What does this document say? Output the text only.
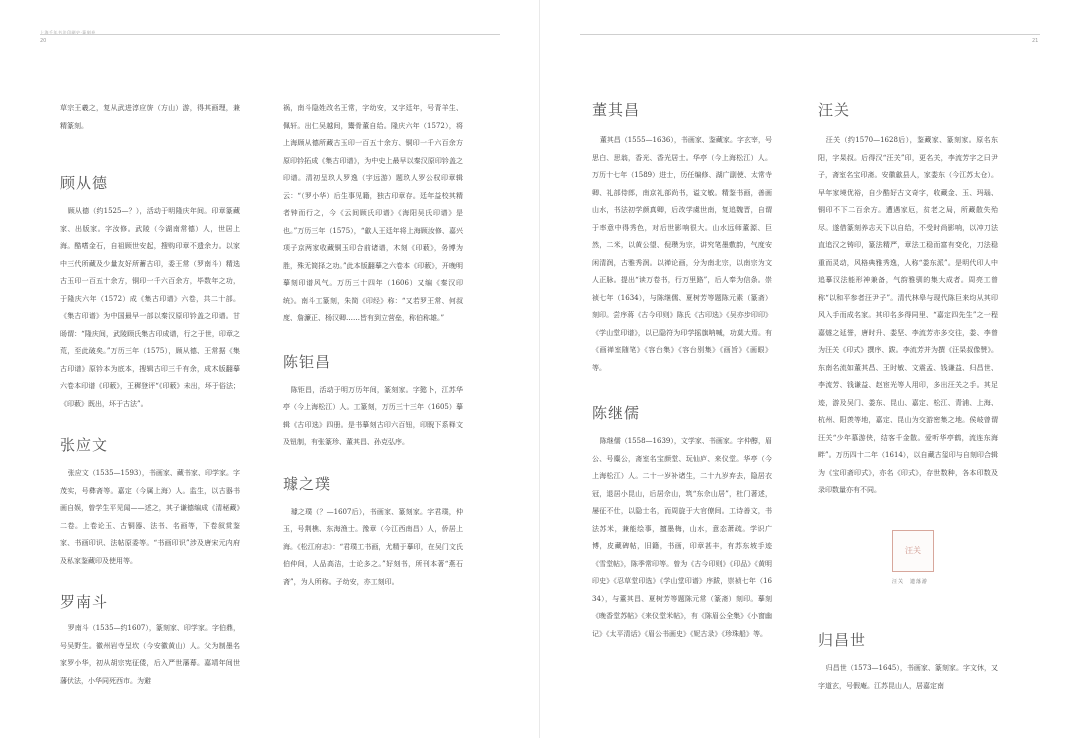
上海千年书法印刷史·篆刻卷
20

草宗王羲之，复从武进淳应旂（方山）游，得其画理，兼精篆刻。

顾从德

顾从德（约1525—？），活动于明隆庆年间。印章篆藏家、出版家。字汝修。武陵（今湖南常德）人，世居上海。酷嗜金石，自祖顾世安起，搜购印章不遗余力。以家中三代所藏及少量友好所蓄古印，委王常（罗南斗）精选古玉印一百五十余方，铜印一千六百余方，毕数年之功，于隆庆六年（1572）成《集古印谱》六卷，共二十部。《集古印谱》为中国最早一部以秦汉原印钤盖之印谱。甘旸谓：“隆庆间，武陵顾氏集古印成谱，行之于世，印章之荒，至此破矣。”万历三年（1575），顾从德、王常据《集古印谱》原钤本为底本，搜辑古印三千有余，成木版翻摹六卷本印谱《印薮》，王穉登评“《印薮》未出，坏于俗法；《印薮》既出，坏于古法”。

张应文

张应文（1535—1593），书画家、藏书家、印学家。字茂实，号彝斋等。嘉定（今属上海）人。监生，以古器书画自娱，曾学生平见闻——述之，其子谦德编成《清秘藏》二卷。上卷论玉、古铜器、法书、名画等，下卷叙赏鉴家、书画印识、法帖原委等。“书画印识”涉及唐宋元内府及私家鉴藏印及使用等。

罗南斗

罗南斗（1535—约1607），篆刻家、印学家。字伯鼎，号吴野生。徽州岩寺呈坎（今安徽黄山）人。父为制墨名家罗小华，初从胡宗宪征倭，后入严世藩幕。嘉靖年间世藩伏法，小华同死西市。为避

祸，南斗隐姓改名王常，字幼安，又字廷年，号青羊生、佩轩。出仁吴越间，鬻骨董自给。隆庆六年（1572），将上海顾从德所藏古玉印一百五十余方、铜印一千六百余方原印钤拓成《集古印谱》，为中史上最早以秦汉原印钤盖之印谱。清初呈玖人罗逸（宇远游）题玖人罗公权印章辑云：“（罗小华）后生事见籍，独古印章存。廷年益校其精者钟而行之，今《云间顾氏印谱》《海阳吴氏印谱》是也。”万历三年（1575），“歙人王廷年将上海顾汝修、嘉兴项子京两家收藏铜玉印合前诸谱，木刻《印薮》，务博为胜，殊无简择之功。”此本版翻摹之六卷本《印薮》，开晚明摹刻印谱风气。万历三十四年（1606）又编《秦汉印统》。南斗工篆刻，朱简《印经》称：“又若罗王常、何叔度、詹濂正、杨汉卿……皆有到立营垒，称伯称雄。”

陈钜昌

陈钜昌，活动于明万历年间，篆刻家。字懿卜，江苏华亭（今上海松江）人。工篆刻，万历三十三年（1605）摹辑《古印选》四册。是书摹刻古印六百钮，印睨下系释文及钮制，有张篆珍、董其昌、孙克弘序。

璩之璞

璩之璞（？—1607后），书画家、篆刻家。字君璞，仲玉，号荆樵、东海渔士。豫章（今江西南昌）人，侨居上海。《松江府志》：“君璞工书画，尤精于摹印，在吴门文氏伯仲间，人品高洁，士论多之。”好刻书，所刊本著“燕石斋”，为人所称。子幼安，亦工刻印。

21
董其昌

董其昌（1555—1636），书画家、鉴藏家。字玄宰，号思白、思翁，香光、香光居士。华亭（今上海松江）人。万历十七年（1589）进士，历任编修、湖广副使、太常寺卿、礼部侍郎，南京礼部尚书，谥文敏。精鉴书画，善画山水，书法初学颜真卿，后改学虞世南，复追魏晋，自谓于率意中得秀色，对后世影响很大。山水远师董源、巨然，二米，以黄公望、倪瓒为宗，讲究笔墨敷韵，气度安闲清润，古雅秀润。以禅论画，分为南北宗，以南宗为文人正脉。提出“读万卷书，行万里路”，后人奉为信条。崇祯七年（1634），与陈继儒、夏树芳等题陈元素（篆斋）刻印。尝序蒋《古今印则》陈氏《古印选》《吴亦步印印》《学山堂印谱》，以已隐符为印学摇旗呐喊，功莫大焉。有《画禅室随笔》《容台集》《容台别集》《画旨》《画眼》等。

陈继儒

陈继儒（1558—1639），文学家、书画家。字仲醇，眉公、号麋公，斋室名宝颜堂、玩仙庐、来仪堂。华亭（今上海松江）人。二十一岁补诸生，二十九岁弃去，隐居衣冠，退居小昆山，后居佘山，筑“东佘山居”，杜门著述，屡征不仕，以隐士名，而周旋于大官僚间。工诗善文，书法苏米，兼能绘事，擅墨梅，山水，意态萧疏。学识广博，皮藏碑帖，旧籍，书画，印章甚丰，有苏东坡手迹《雪堂帖》，陈季常印等。曾为《古今印则》《印品》《黄明印史》《忍草堂印选》《学山堂印谱》序跋，崇祯七年（1634），与董其昌、夏树芳等题陈元常（篆斋）刻印。摹刻《晚香堂苏帖》《来仪堂米帖》，有《陈眉公全集》《小窗幽记》《太平清话》《眉公书画史》《妮古录》《珍珠船》等。

汪关

汪关（约1570—1628后），鉴藏家、篆刻家。原名东阳，字杲叔。后得汉“汪关”印，更名关，李流芳字之曰尹子，斋室名宝印斋。安徽歙县人，家娄东（今江苏太仓）。早年家境优裕，自少酷好古文奇字，收藏金、玉、玛瑙、铜印不下二百余方。遭遇家厄，贫老之局，所藏散失殆尽。遂借篆刻养志天下以自给，不受时尚影响，以冲刀法直追汉之铸印，篆法精严，章法工稳而富有变化，刀法稳重而灵动，风格典雅秀逸，人称“娄东派”。是明代印人中追摹汉法能形神兼备，气韵雅驯的集大成者。周亮工曾称“以和平参者汪尹子”。清代林皋与现代陈巨来均从其印风入手而成名家。其印名多得同里、“嘉定四先生”之一程嘉燧之延誉，唐时升、娄坚、李流芳亦多交往，娄、李曾为汪关《印式》撰序、跋。李流芳并为撰《汪杲叔像赞》。东南名流如董其昌、王时敏、文震孟、钱谦益、归昌世、李流芳、钱谦益、赵宦光等人用印，多出汪关之手。其足迹，游及吴门、娄东、昆山、嘉定、松江、青浦、上海、杭州、阳羡等地，嘉定、昆山为交游密集之地。侯岐曾谓汪关“少年慕游侠，结客千金散。爱听华亭鹤，流连东海畔”。万历四十二年（1614），以自藏古玺印与自刻印合辑为《宝印斋印式》，亦名《印式》，存世数种，各本印数及录印数量亦有不同。

汪关
汪关　遗落游
归昌世

归昌世（1573—1645），书画家、篆刻家。字文休，又字道玄，号假庵。江苏昆山人，居嘉定南
